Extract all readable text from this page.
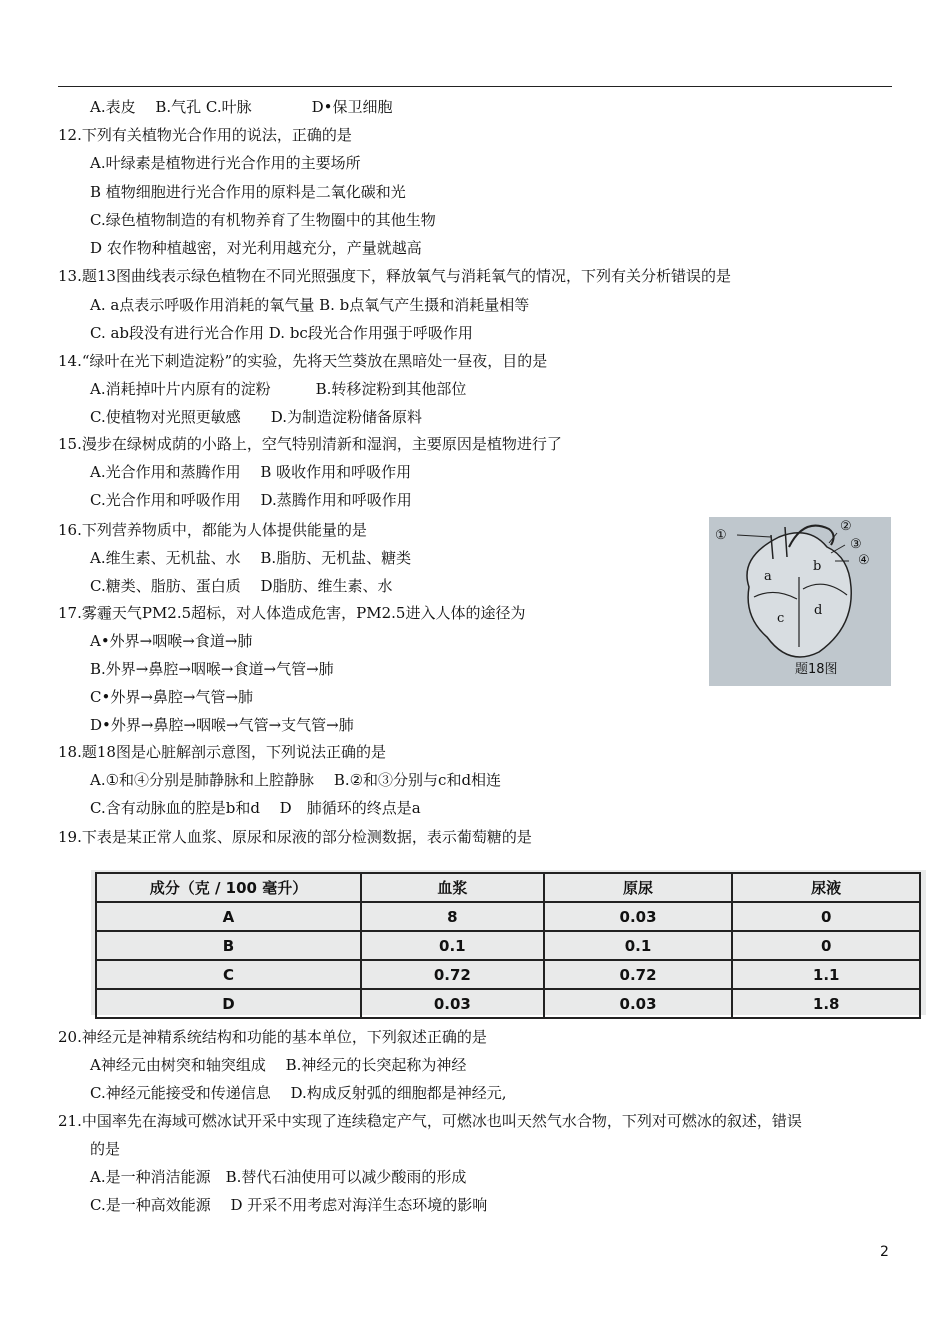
A.表皮　 B.气孔 C.叶脉　　　　D•保卫细胞
12.下列有关植物光合作用的说法，正确的是
A.叶绿素是植物进行光合作用的主要场所
B 植物细胞进行光合作用的原料是二氧化碳和光
C.绿色植物制造的有机物养育了生物圈中的其他生物
D 农作物种植越密，对光利用越充分，产量就越高
13.题13图曲线表示绿色植物在不同光照强度下，释放氧气与消耗氧气的情况，下列有关分析错误的是
A. a点表示呼吸作用消耗的氧气量 B. b点氧气产生摄和消耗量相等
C. ab段没有进行光合作用 D. bc段光合作用强于呼吸作用
14.“绿叶在光下刺造淀粉”的实验，先将天竺葵放在黑暗处一昼夜，目的是
A.消耗掉叶片内原有的淀粉　　　B.转移淀粉到其他部位
C.使植物对光照更敏感　　D.为制造淀粉储备原料
15.漫步在绿树成荫的小路上，空气特别清新和湿润，主要原因是植物进行了
A.光合作用和蒸腾作用　 B 吸收作用和呼吸作用
C.光合作用和呼吸作用　 D.蒸腾作用和呼吸作用
16.下列营养物质中，都能为人体提供能量的是
A.维生素、无机盐、水　 B.脂肪、无机盐、糖类
C.糖类、脂肪、蛋白质　 D脂肪、维生素、水
17.雾霾天气PM2.5超标，对人体造成危害，PM2.5进入人体的途径为
A•外界→咽喉→食道→肺
B.外界→鼻腔→咽喉→食道→气管→肺
C•外界→鼻腔→气管→肺
D•外界→鼻腔→咽喉→气管→支气管→肺
18.题18图是心脏解剖示意图，下列说法正确的是
A.①和④分别是肺静脉和上腔静脉　 B.②和③分别与c和d相连
C.含有动脉血的腔是b和d　 D　肺循环的终点是a
19.下表是某正常人血浆、原尿和尿液的部分检测数据，表示葡萄糖的是
①
②
③
④
a
b
c
d
题18图
成分（克 / 100 毫升）	血浆	原尿	尿液
A	8	0.03	0
B	0.1	0.1	0
C	0.72	0.72	1.1
D	0.03	0.03	1.8
20.神经元是神精系统结构和功能的基本单位，下列叙述正确的是
A神经元由树突和轴突组成　 B.神经元的长突起称为神经
C.神经元能接受和传递信息　 D.构成反射弧的细胞都是神经元,
21.中国率先在海域可燃冰试开采中实现了连续稳定产气，可燃冰也叫天然气水合物，下列对可燃冰的叙述，错误
的是
A.是一种消洁能源　B.替代石油使用可以减少酸雨的形成
C.是一种高效能源　 D 开采不用考虑对海洋生态环境的影响
2
